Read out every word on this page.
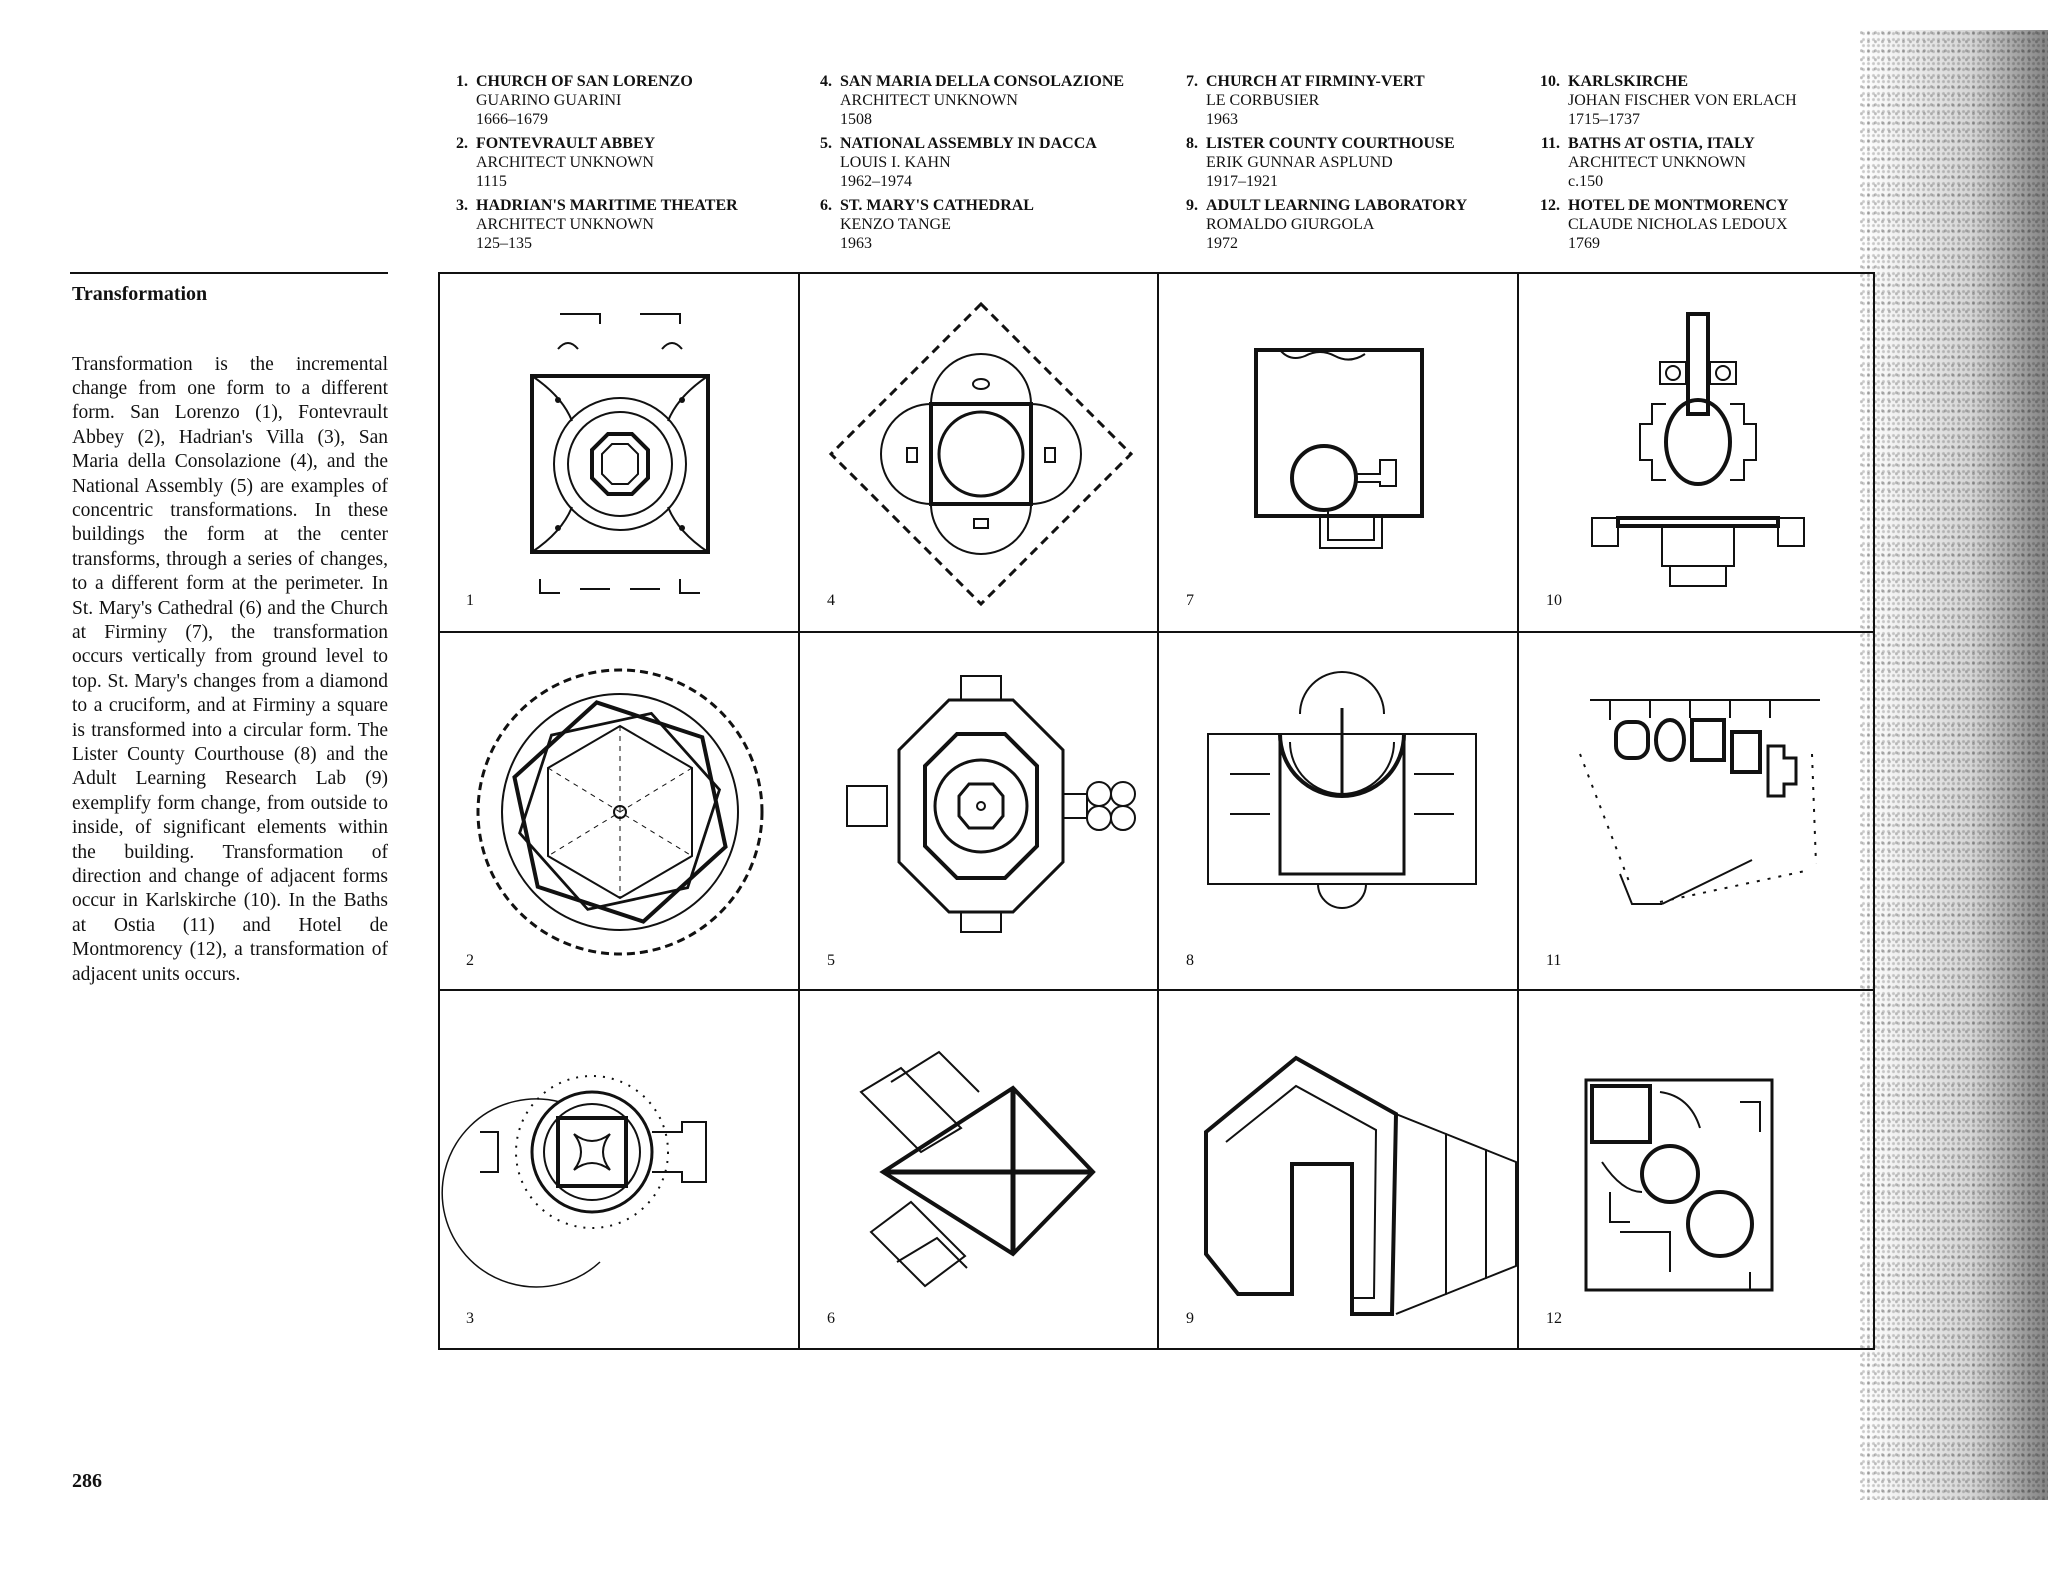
1. CHURCH OF SAN LORENZO
GUARINO GUARINI
1666–1679
2. FONTEVRAULT ABBEY
ARCHITECT UNKNOWN
1115
3. HADRIAN'S MARITIME THEATER
ARCHITECT UNKNOWN
125–135
4. SAN MARIA DELLA CONSOLAZIONE
ARCHITECT UNKNOWN
1508
5. NATIONAL ASSEMBLY IN DACCA
LOUIS I. KAHN
1962–1974
6. ST. MARY'S CATHEDRAL
KENZO TANGE
1963
7. CHURCH AT FIRMINY-VERT
LE CORBUSIER
1963
8. LISTER COUNTY COURTHOUSE
ERIK GUNNAR ASPLUND
1917–1921
9. ADULT LEARNING LABORATORY
ROMALDO GIURGOLA
1972
10. KARLSKIRCHE
JOHAN FISCHER VON ERLACH
1715–1737
11. BATHS AT OSTIA, ITALY
ARCHITECT UNKNOWN
c.150
12. HOTEL DE MONTMORENCY
CLAUDE NICHOLAS LEDOUX
1769
Transformation

Transformation is the incremental change from one form to a different form. San Lorenzo (1), Fontevrault Abbey (2), Hadrian's Villa (3), San Maria della Consolazione (4), and the National Assembly (5) are examples of concentric transformations. In these buildings the form at the center transforms, through a series of changes, to a different form at the perimeter. In St. Mary's Cathedral (6) and the Church at Firminy (7), the transformation occurs vertically from ground level to top. St. Mary's changes from a diamond to a cruciform, and at Firminy a square is transformed into a circular form. The Lister County Courthouse (8) and the Adult Learning Research Lab (9) exemplify form change, from outside to inside, of significant elements within the building. Transformation of direction and change of adjacent forms occur in Karlskirche (10). In the Baths at Ostia (11) and Hotel de Montmorency (12), a transformation of adjacent units occurs.

286
1	4	7	10
2	5	8	11
3	6	9	12
